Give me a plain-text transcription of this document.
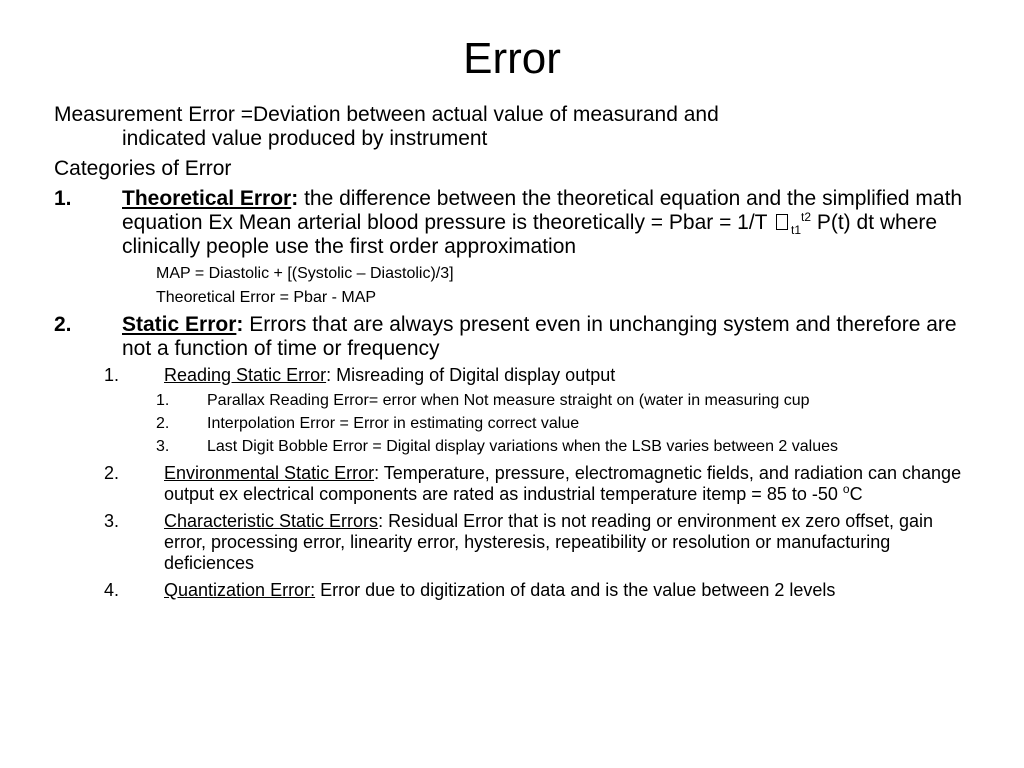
Error
Measurement Error =Deviation between actual value of measurand and
indicated value produced by instrument
Categories of Error
1. Theoretical Error: the difference between the theoretical equation and the simplified math equation Ex Mean arterial blood pressure is theoretically = Pbar = 1/T $_{t1}^{t2}$ P(t) dt where clinically people use the first order approximation
MAP = Diastolic + [(Systolic – Diastolic)/3]
Theoretical Error = Pbar - MAP
2. Static Error: Errors that are always present even in unchanging system and therefore are not a function of time or frequency
1. Reading Static Error: Misreading of Digital display output
1. Parallax Reading Error= error when Not measure straight on (water in measuring cup
2. Interpolation Error = Error in estimating correct value
3. Last Digit Bobble Error = Digital display variations when the LSB varies between 2 values
2. Environmental Static Error: Temperature, pressure, electromagnetic fields, and radiation can change output ex electrical components are rated as industrial temperature itemp = 85 to -50 $^o$C
3. Characteristic Static Errors: Residual Error that is not reading or environment ex zero offset, gain error, processing error, linearity error, hysteresis, repeatibility or resolution or manufacturing deficiences
4. Quantization Error: Error due to digitization of data and is the value between 2 levels
